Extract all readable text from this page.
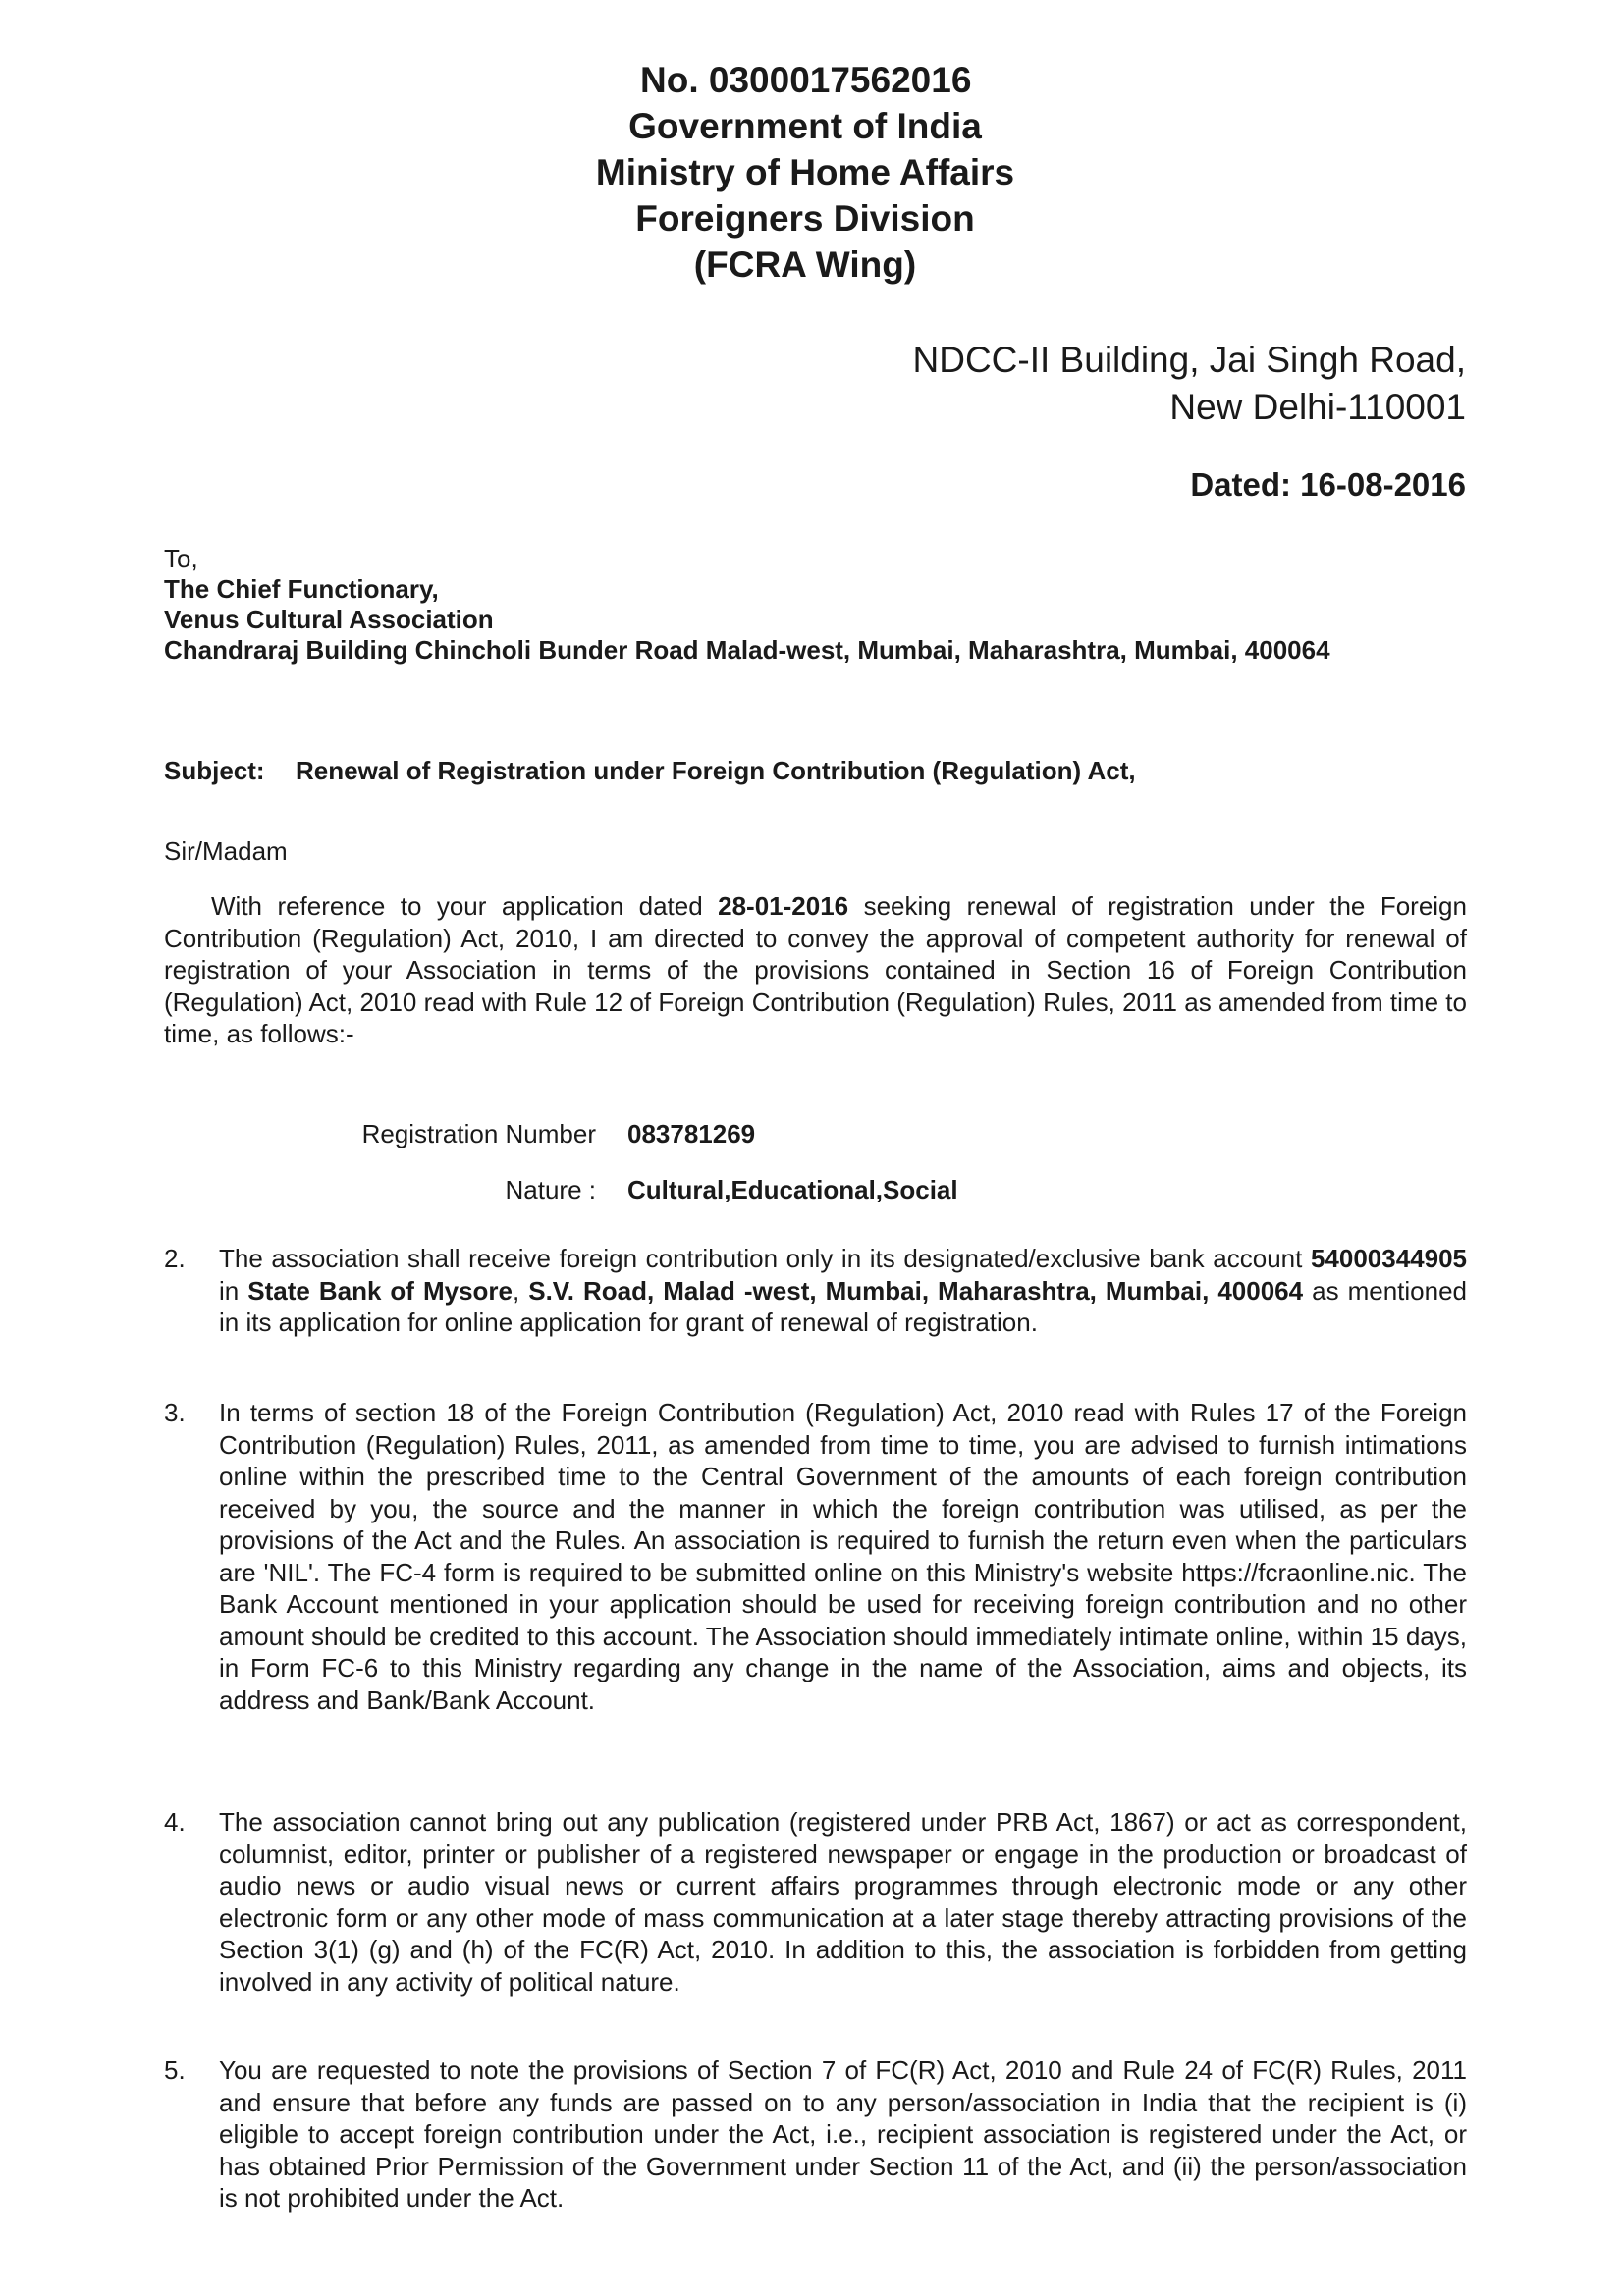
No. 0300017562016
Government of India
Ministry of Home Affairs
Foreigners Division
(FCRA Wing)
NDCC-II Building, Jai Singh Road,
New Delhi-110001
Dated: 16-08-2016
To,
The Chief Functionary,
Venus Cultural Association
Chandraraj Building Chincholi Bunder Road Malad-west, Mumbai, Maharashtra, Mumbai, 400064
Subject: Renewal of Registration under Foreign Contribution (Regulation) Act,
Sir/Madam
With reference to your application dated 28-01-2016 seeking renewal of registration under the Foreign Contribution (Regulation) Act, 2010, I am directed to convey the approval of competent authority for renewal of registration of your Association in terms of the provisions contained in Section 16 of Foreign Contribution (Regulation) Act, 2010 read with Rule 12 of Foreign Contribution (Regulation) Rules, 2011 as amended from time to time, as follows:-
Registration Number	083781269
Nature :	Cultural,Educational,Social
2.	The association shall receive foreign contribution only in its designated/exclusive bank account 54000344905 in State Bank of Mysore, S.V. Road, Malad -west, Mumbai, Maharashtra, Mumbai, 400064 as mentioned in its application for online application for grant of renewal of registration.
3.	In terms of section 18 of the Foreign Contribution (Regulation) Act, 2010 read with Rules 17 of the Foreign Contribution (Regulation) Rules, 2011, as amended from time to time, you are advised to furnish intimations online within the prescribed time to the Central Government of the amounts of each foreign contribution received by you, the source and the manner in which the foreign contribution was utilised, as per the provisions of the Act and the Rules. An association is required to furnish the return even when the particulars are 'NIL'. The FC-4 form is required to be submitted online on this Ministry's website https://fcraonline.nic. The Bank Account mentioned in your application should be used for receiving foreign contribution and no other amount should be credited to this account. The Association should immediately intimate online, within 15 days, in Form FC-6 to this Ministry regarding any change in the name of the Association, aims and objects, its address and Bank/Bank Account.
4.	The association cannot bring out any publication (registered under PRB Act, 1867) or act as correspondent, columnist, editor, printer or publisher of a registered newspaper or engage in the production or broadcast of audio news or audio visual news or current affairs programmes through electronic mode or any other electronic form or any other mode of mass communication at a later stage thereby attracting provisions of the Section 3(1) (g) and (h) of the FC(R) Act, 2010. In addition to this, the association is forbidden from getting involved in any activity of political nature.
5.	You are requested to note the provisions of Section 7 of FC(R) Act, 2010 and Rule 24 of FC(R) Rules, 2011 and ensure that before any funds are passed on to any person/association in India that the recipient is (i) eligible to accept foreign contribution under the Act, i.e., recipient association is registered under the Act, or has obtained Prior Permission of the Government under Section 11 of the Act, and (ii) the person/association is not prohibited under the Act.
